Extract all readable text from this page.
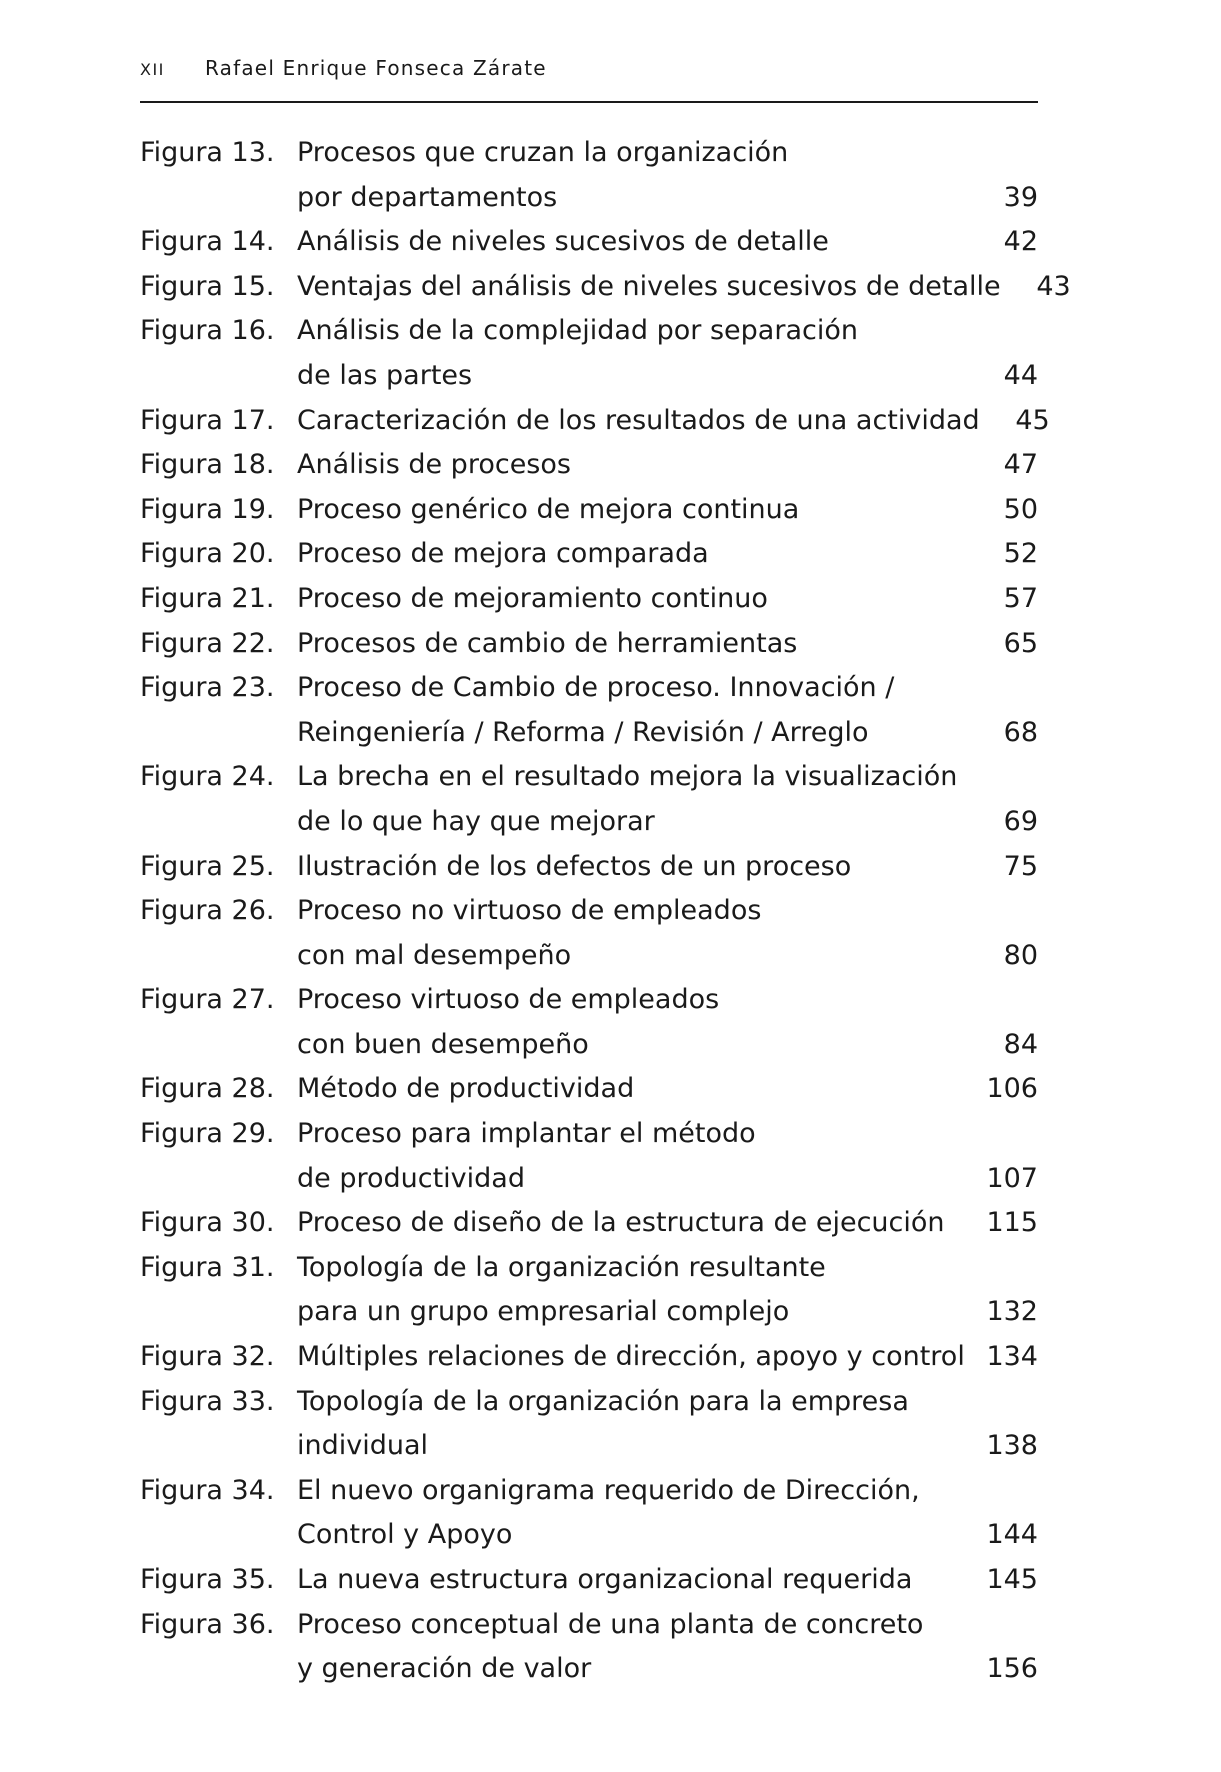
XII Rafael Enrique Fonseca Zárate
Figura 13. Procesos que cruzan la organización
por departamentos	39
Figura 14. Análisis de niveles sucesivos de detalle	42
Figura 15. Ventajas del análisis de niveles sucesivos de detalle	43
Figura 16. Análisis de la complejidad por separación
de las partes	44
Figura 17. Caracterización de los resultados de una actividad	45
Figura 18. Análisis de procesos	47
Figura 19. Proceso genérico de mejora continua	50
Figura 20. Proceso de mejora comparada	52
Figura 21. Proceso de mejoramiento continuo	57
Figura 22. Procesos de cambio de herramientas	65
Figura 23. Proceso de Cambio de proceso. Innovación /
Reingeniería / Reforma / Revisión / Arreglo	68
Figura 24. La brecha en el resultado mejora la visualización
de lo que hay que mejorar	69
Figura 25. Ilustración de los defectos de un proceso	75
Figura 26. Proceso no virtuoso de empleados
con mal desempeño	80
Figura 27. Proceso virtuoso de empleados
con buen desempeño	84
Figura 28. Método de productividad	106
Figura 29. Proceso para implantar el método
de productividad	107
Figura 30. Proceso de diseño de la estructura de ejecución	115
Figura 31. Topología de la organización resultante
para un grupo empresarial complejo	132
Figura 32. Múltiples relaciones de dirección, apoyo y control 134
Figura 33. Topología de la organización para la empresa
individual	138
Figura 34. El nuevo organigrama requerido de Dirección,
Control y Apoyo	144
Figura 35. La nueva estructura organizacional requerida	145
Figura 36. Proceso conceptual de una planta de concreto
y generación de valor	156
